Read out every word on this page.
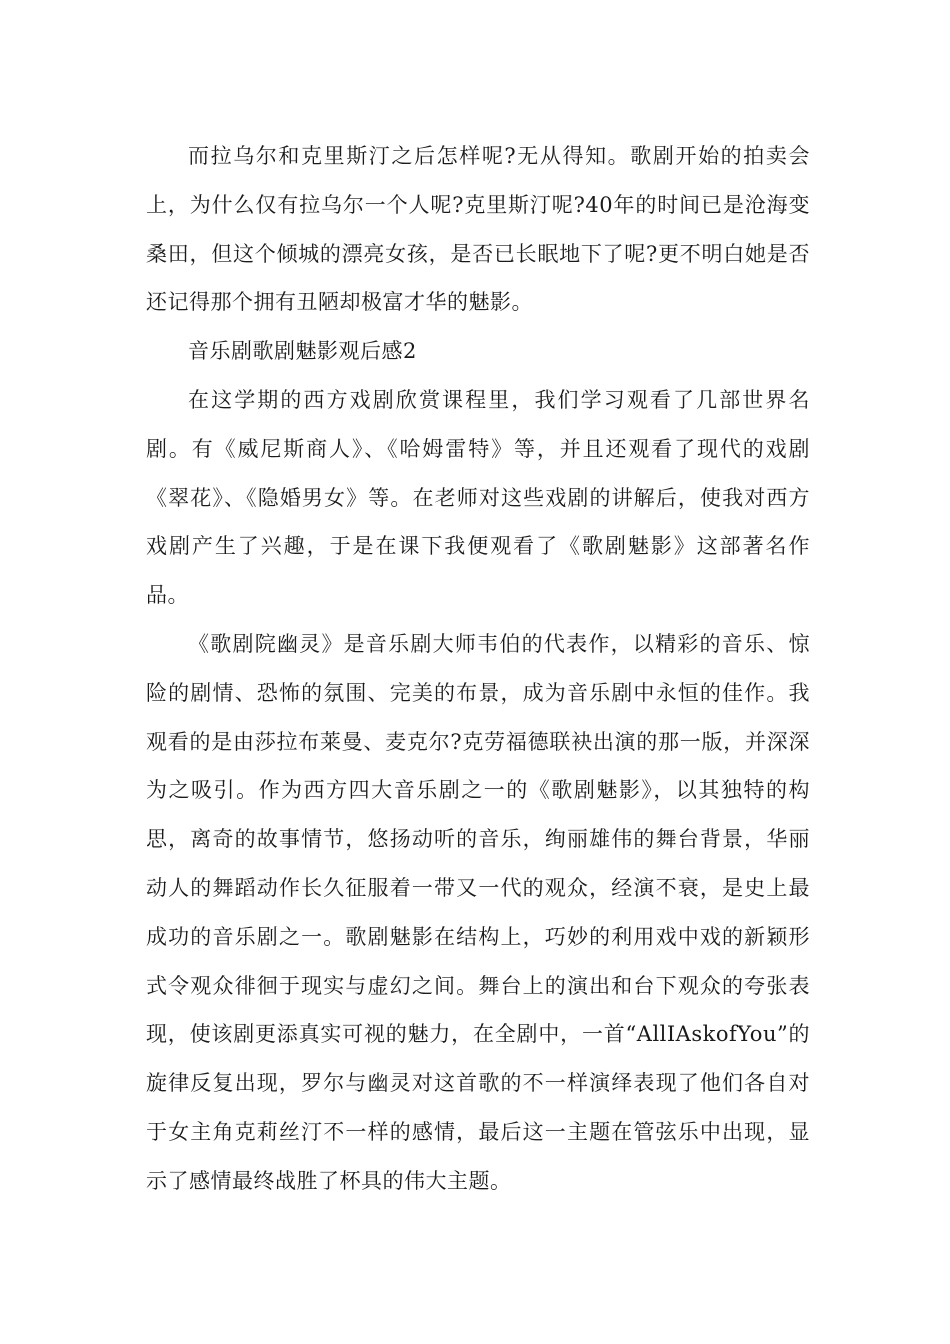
而拉乌尔和克里斯汀之后怎样呢?无从得知。歌剧开始的拍卖会上，为什么仅有拉乌尔一个人呢?克里斯汀呢?40年的时间已是沧海变桑田，但这个倾城的漂亮女孩，是否已长眠地下了呢?更不明白她是否还记得那个拥有丑陋却极富才华的魅影。

音乐剧歌剧魅影观后感2

在这学期的西方戏剧欣赏课程里，我们学习观看了几部世界名剧。有《威尼斯商人》、《哈姆雷特》等，并且还观看了现代的戏剧《翠花》、《隐婚男女》等。在老师对这些戏剧的讲解后，使我对西方戏剧产生了兴趣，于是在课下我便观看了《歌剧魅影》这部著名作品。

《歌剧院幽灵》是音乐剧大师韦伯的代表作，以精彩的音乐、惊险的剧情、恐怖的氛围、完美的布景，成为音乐剧中永恒的佳作。我观看的是由莎拉布莱曼、麦克尔?克劳福德联袂出演的那一版，并深深为之吸引。作为西方四大音乐剧之一的《歌剧魅影》，以其独特的构思，离奇的故事情节，悠扬动听的音乐，绚丽雄伟的舞台背景，华丽动人的舞蹈动作长久征服着一带又一代的观众，经演不衰，是史上最成功的音乐剧之一。歌剧魅影在结构上，巧妙的利用戏中戏的新颖形式令观众徘徊于现实与虚幻之间。舞台上的演出和台下观众的夸张表现，使该剧更添真实可视的魅力，在全剧中，一首“AllIAskofYou”的旋律反复出现，罗尔与幽灵对这首歌的不一样演绎表现了他们各自对于女主角克莉丝汀不一样的感情，最后这一主题在管弦乐中出现，显示了感情最终战胜了杯具的伟大主题。
